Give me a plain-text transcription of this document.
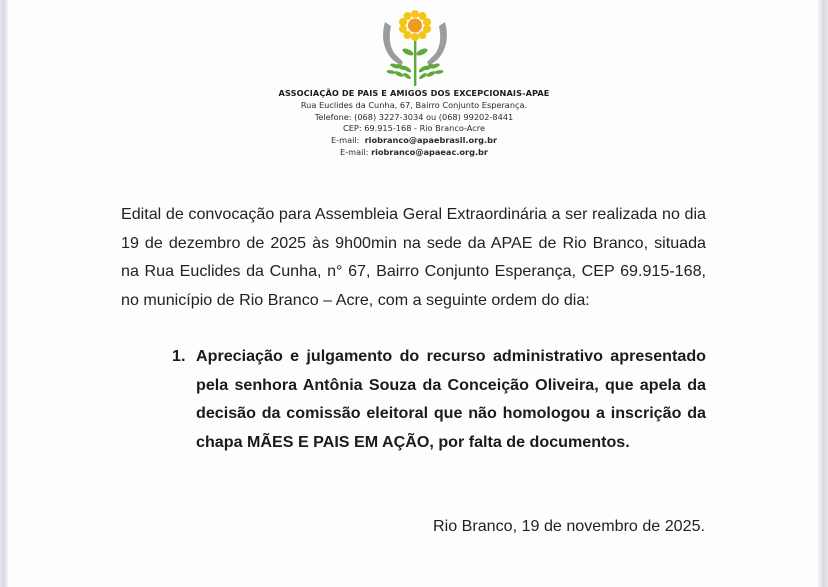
ASSOCIAÇÃO DE PAIS E AMIGOS DOS EXCEPCIONAIS-APAE
Rua Euclides da Cunha, 67, Bairro Conjunto Esperança.
Telefone: (068) 3227-3034 ou (068) 99202-8441
CEP: 69.915-168 - Rio Branco-Acre
E-mail: riobranco@apaebrasil.org.br
E-mail: riobranco@apaeac.org.br

Edital de convocação para Assembleia Geral Extraordinária a ser realizada no dia 19 de dezembro de 2025 às 9h00min na sede da APAE de Rio Branco, situada na Rua Euclides da Cunha, n° 67, Bairro Conjunto Esperança, CEP 69.915-168, no município de Rio Branco – Acre, com a seguinte ordem do dia:

1. Apreciação e julgamento do recurso administrativo apresentado pela senhora Antônia Souza da Conceição Oliveira, que apela da decisão da comissão eleitoral que não homologou a inscrição da chapa MÃES E PAIS EM AÇÃO, por falta de documentos.
Rio Branco, 19 de novembro de 2025.
